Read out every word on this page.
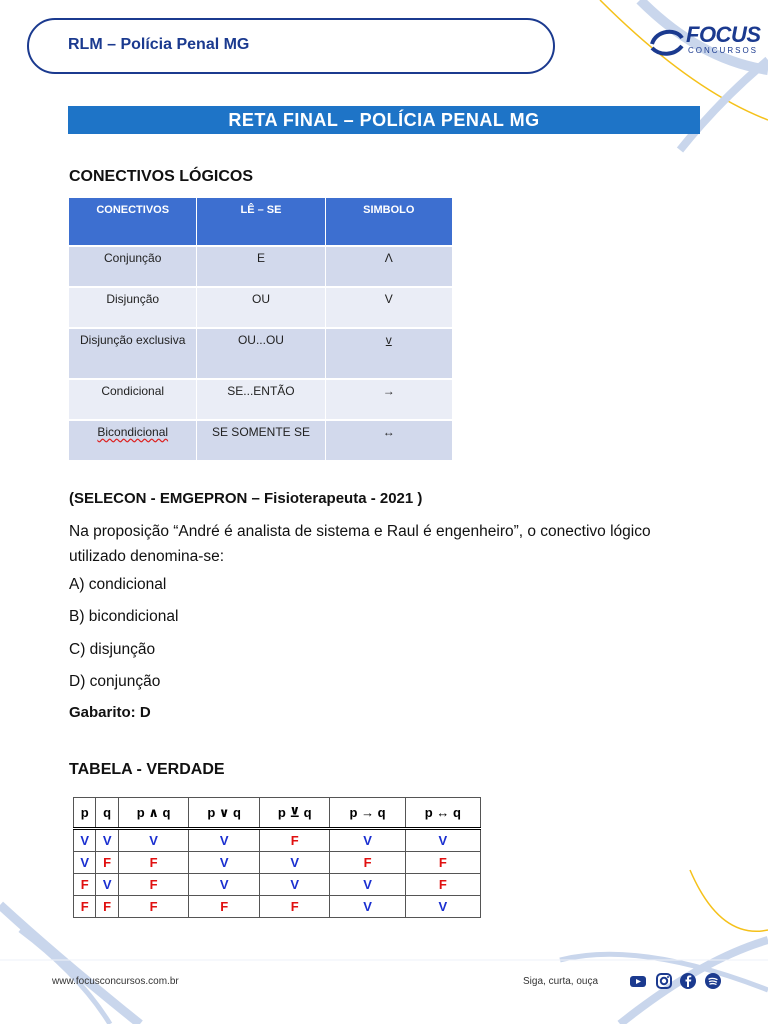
RLM – Polícia Penal MG	FOCUS
CONCURSOS
RETA FINAL – POLÍCIA PENAL MG
CONECTIVOS LÓGICOS
CONECTIVOS	LÊ – SE	SIMBOLO
Conjunção	E	Λ
Disjunção	OU	V
Disjunção exclusiva	OU...OU	v
Condicional	SE...ENTÃO	→
Bicondicional	SE SOMENTE SE	↔
(SELECON - EMGEPRON – Fisioterapeuta - 2021 )
Na proposição “André é analista de sistema e Raul é engenheiro”, o conectivo lógico utilizado denomina-se:
A) condicional
B) bicondicional
C) disjunção
D) conjunção
Gabarito: D
TABELA - VERDADE
p	q	p ∧ q	p ∨ q	p ⊻ q	p → q	p ↔ q
V	V	V	V	F	V	V
V	F	F	V	V	F	F
F	V	F	V	V	V	F
F	F	F	F	F	V	V
www.focusconcursos.com.br	Siga, curta, ouça
